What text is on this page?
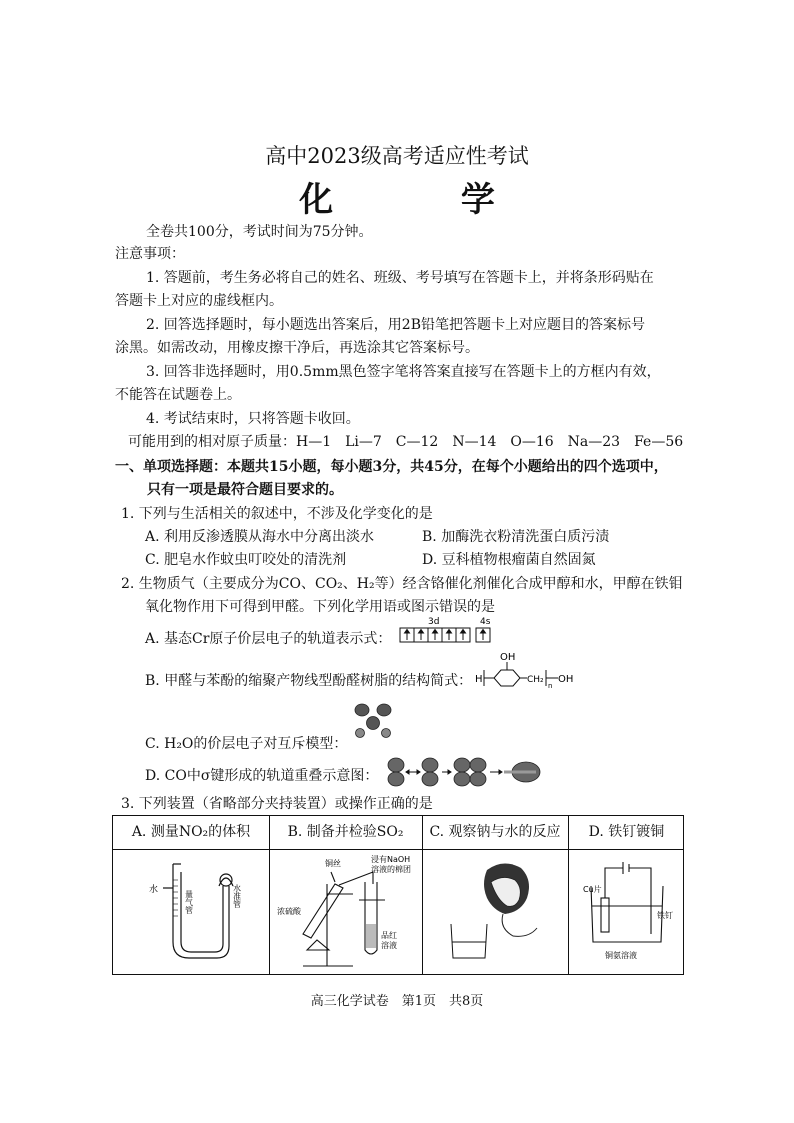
高中2023级高考适应性考试
化 学
全卷共100分，考试时间为75分钟。
注意事项：
1. 答题前，考生务必将自己的姓名、班级、考号填写在答题卡上，并将条形码贴在
答题卡上对应的虚线框内。
2. 回答选择题时，每小题选出答案后，用2B铅笔把答题卡上对应题目的答案标号
涂黑。如需改动，用橡皮擦干净后，再选涂其它答案标号。
3. 回答非选择题时，用0.5mm黑色签字笔将答案直接写在答题卡上的方框内有效，
不能答在试题卷上。
4. 考试结束时，只将答题卡收回。
可能用到的相对原子质量：H—1　Li—7　C—12　N—14　O—16　Na—23　Fe—56
一、单项选择题：本题共15小题，每小题3分，共45分，在每个小题给出的四个选项中，
只有一项是最符合题目要求的。
1. 下列与生活相关的叙述中，不涉及化学变化的是
A. 利用反渗透膜从海水中分离出淡水	B. 加酶洗衣粉清洗蛋白质污渍
C. 肥皂水作蚊虫叮咬处的清洗剂	D. 豆科植物根瘤菌自然固氮
2. 生物质气（主要成分为CO、CO₂、H₂等）经含铬催化剂催化合成甲醇和水，甲醇在铁钼
氧化物作用下可得到甲醛。下列化学用语或图示错误的是
A. 基态Cr原子价层电子的轨道表示式：
3d	4s
B. 甲醛与苯酚的缩聚产物线型酚醛树脂的结构简式：
OH
H	CH₂
n
OH
C. H₂O的价层电子对互斥模型：
D. CO中σ键形成的轨道重叠示意图：
3. 下列装置（省略部分夹持装置）或操作正确的是
A. 测量NO₂的体积	B. 制备并检验SO₂	C. 观察钠与水的反应	D. 铁钉镀铜
水	量气管	水准管
铜丝	浸有NaOH
溶液的棉团
浓硫酸
品红
溶液
Cu片
铁钉
铜氨溶液
高三化学试卷　第1页　共8页
